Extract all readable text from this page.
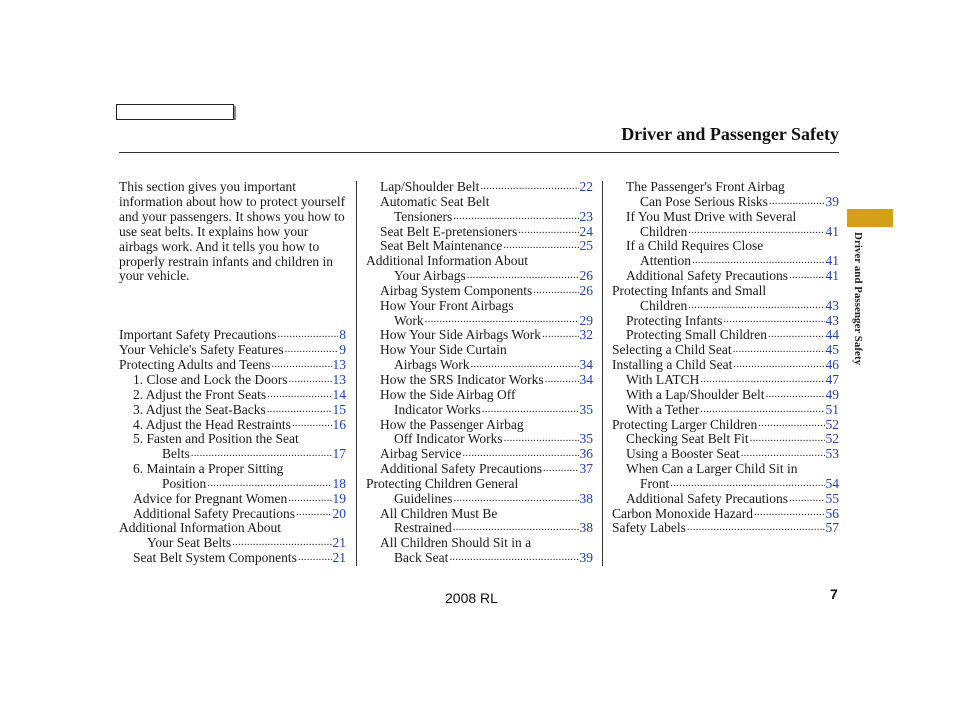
Driver and Passenger Safety
Driver and Passenger Safety

This section gives you important information about how to protect yourself and your passengers. It shows you how to use seat belts. It explains how your airbags work. And it tells you how to properly restrain infants and children in your vehicle.

Important Safety Precautions .....	8
Your Vehicle's Safety Features .....	9
Protecting Adults and Teens .....	13
1. Close and Lock the Doors .....	13
2. Adjust the Front Seats .....	14
3. Adjust the Seat-Backs .....	15
4. Adjust the Head Restraints .....	16
5. Fasten and Position the Seat
Belts .....	17
6. Maintain a Proper Sitting
Position .....	18
Advice for Pregnant Women .....	19
Additional Safety Precautions .....	20
Additional Information About
Your Seat Belts .....	21
Seat Belt System Components .....	21
Lap/Shoulder Belt .....	22
Automatic Seat Belt
Tensioners .....	23
Seat Belt E-pretensioners .....	24
Seat Belt Maintenance .....	25
Additional Information About
Your Airbags .....	26
Airbag System Components .....	26
How Your Front Airbags
Work .....	29
How Your Side Airbags Work .....	32
How Your Side Curtain
Airbags Work .....	34
How the SRS Indicator Works .....	34
How the Side Airbag Off
Indicator Works .....	35
How the Passenger Airbag
Off Indicator Works .....	35
Airbag Service .....	36
Additional Safety Precautions .....	37
Protecting Children General
Guidelines .....	38
All Children Must Be
Restrained .....	38
All Children Should Sit in a
Back Seat .....	39
The Passenger's Front Airbag
Can Pose Serious Risks .....	39
If You Must Drive with Several
Children .....	41
If a Child Requires Close
Attention .....	41
Additional Safety Precautions .....	41
Protecting Infants and Small
Children .....	43
Protecting Infants .....	43
Protecting Small Children .....	44
Selecting a Child Seat .....	45
Installing a Child Seat .....	46
With LATCH .....	47
With a Lap/Shoulder Belt .....	49
With a Tether .....	51
Protecting Larger Children .....	52
Checking Seat Belt Fit .....	52
Using a Booster Seat .....	53
When Can a Larger Child Sit in
Front .....	54
Additional Safety Precautions .....	55
Carbon Monoxide Hazard .....	56
Safety Labels .....	57
2008 RL	7
